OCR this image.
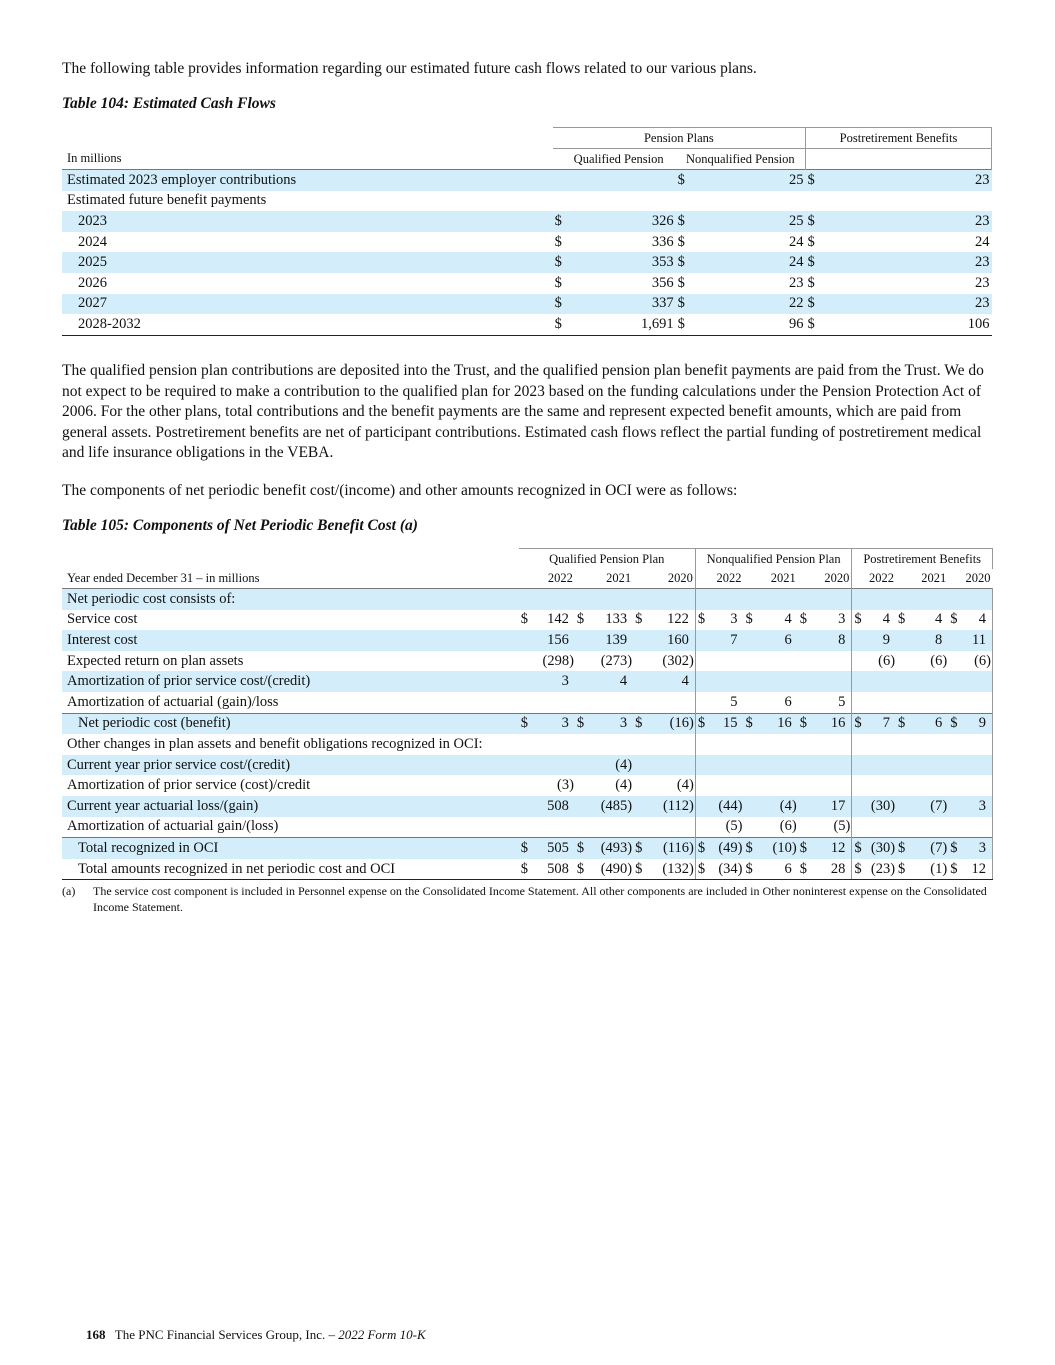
The following table provides information regarding our estimated future cash flows related to our various plans.
Table 104: Estimated Cash Flows
	Pension Plans				Postretirement Benefits	
In millions	Qualified Pension		Nonqualified Pension			
Estimated 2023 employer contributions			$	25	$	23
Estimated future benefit payments						
2023	$	326	$	25	$	23
2024	$	336	$	24	$	24
2025	$	353	$	24	$	23
2026	$	356	$	23	$	23
2027	$	337	$	22	$	23
2028-2032	$	1,691	$	96	$	106
The qualified pension plan contributions are deposited into the Trust, and the qualified pension plan benefit payments are paid from the Trust. We do not expect to be required to make a contribution to the qualified plan for 2023 based on the funding calculations under the Pension Protection Act of 2006. For the other plans, total contributions and the benefit payments are the same and represent expected benefit amounts, which are paid from general assets. Postretirement benefits are net of participant contributions. Estimated cash flows reflect the partial funding of postretirement medical and life insurance obligations in the VEBA.
The components of net periodic benefit cost/(income) and other amounts recognized in OCI were as follows:
Table 105: Components of Net Periodic Benefit Cost (a)
	Qualified Pension Plan						Nonqualified Pension Plan						Postretirement Benefits					
Year ended December 31 – in millions		2022		2021		2020		2022		2021		2020		2022		2021		2020
Net periodic cost consists of:																		
Service cost	$	142	$	133	$	122	$	3	$	4	$	3	$	4	$	4	$	4
Interest cost		156		139		160		7		6		8		9		8		11
Expected return on plan assets		(298)		(273)		(302)								(6)		(6)		(6)
Amortization of prior service cost/(credit)		3		4		4												
Amortization of actuarial (gain)/loss								5		6		5						
Net periodic cost (benefit)	$	3	$	3	$	(16)	$	15	$	16	$	16	$	7	$	6	$	9
Other changes in plan assets and benefit obligations recognized in OCI:																		
Current year prior service cost/(credit)				(4)														
Amortization of prior service (cost)/credit		(3)		(4)		(4)												
Current year actuarial loss/(gain)		508		(485)		(112)		(44)		(4)		17		(30)		(7)		3
Amortization of actuarial gain/(loss)								(5)		(6)		(5)						
Total recognized in OCI	$	505	$	(493)	$	(116)	$	(49)	$	(10)	$	12	$	(30)	$	(7)	$	3
Total amounts recognized in net periodic cost and OCI	$	508	$	(490)	$	(132)	$	(34)	$	6	$	28	$	(23)	$	(1)	$	12
(a)	The service cost component is included in Personnel expense on the Consolidated Income Statement. All other components are included in Other noninterest expense on the Consolidated Income Statement.
168 The PNC Financial Services Group, Inc. – 2022 Form 10-K
